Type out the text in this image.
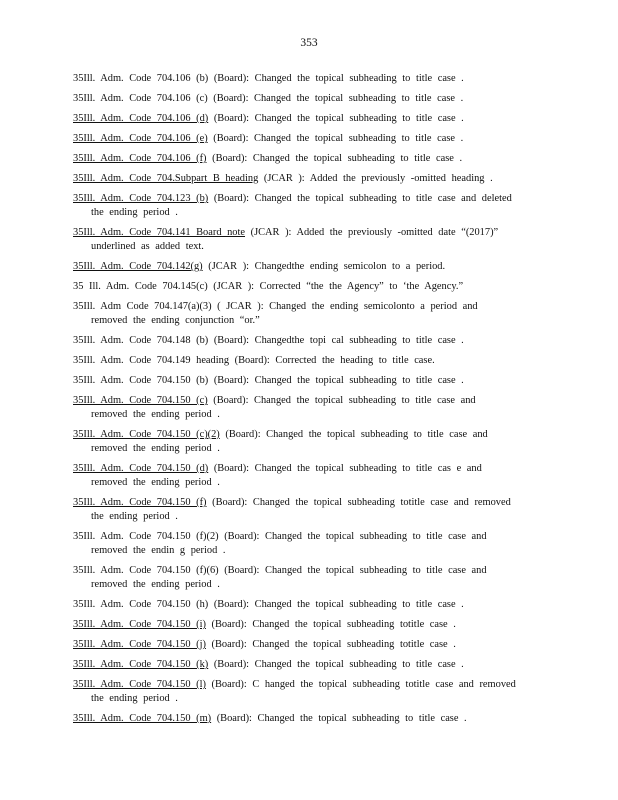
353
35Ill. Adm. Code 704.106 (b) (Board): Changed the topical subheading to title case .
35Ill. Adm. Code 704.106 (c) (Board): Changed the topical subheading to title case .
35Ill. Adm. Code 704.106 (d) (Board): Changed the topical subheading to title case .
35Ill. Adm. Code 704.106 (e) (Board): Changed the topical subheading to title case .
35Ill. Adm. Code 704.106 (f) (Board): Changed the topical subheading to title case .
35Ill. Adm. Code 704.Subpart B heading (JCAR ): Added the previously -omitted heading .
35Ill. Adm. Code 704.123 (b) (Board): Changed the topical subheading to title case and deleted
the ending period .
35Ill. Adm. Code 704.141 Board note (JCAR ): Added the previously -omitted date “(2017)”
underlined as added text.
35Ill. Adm. Code 704.142(g) (JCAR ): Changedthe ending semicolon to a period.
35 Ill. Adm. Code 704.145(c) (JCAR ): Corrected “the the Agency” to ‘the Agency.”
35Ill. Adm Code 704.147(a)(3) ( JCAR ): Changed the ending semicolonto a period and
removed the ending conjunction “or.”
35Ill. Adm. Code 704.148 (b) (Board): Changedthe topi cal subheading to title case .
35Ill. Adm. Code 704.149 heading (Board): Corrected the heading to title case.
35Ill. Adm. Code 704.150 (b) (Board): Changed the topical subheading to title case .
35Ill. Adm. Code 704.150 (c) (Board): Changed the topical subheading to title case and
removed the ending period .
35Ill. Adm. Code 704.150 (c)(2) (Board): Changed the topical subheading to title case and
removed the ending period .
35Ill. Adm. Code 704.150 (d) (Board): Changed the topical subheading to title cas e and
removed the ending period .
35Ill. Adm. Code 704.150 (f) (Board): Changed the topical subheading totitle case and removed
the ending period .
35Ill. Adm. Code 704.150 (f)(2) (Board): Changed the topical subheading to title case and
removed the endin g period .
35Ill. Adm. Code 704.150 (f)(6) (Board): Changed the topical subheading to title case and
removed the ending period .
35Ill. Adm. Code 704.150 (h) (Board): Changed the topical subheading to title case .
35Ill. Adm. Code 704.150 (i) (Board): Changed the topical subheading totitle case .
35Ill. Adm. Code 704.150 (j) (Board): Changed the topical subheading totitle case .
35Ill. Adm. Code 704.150 (k) (Board): Changed the topical subheading to title case .
35Ill. Adm. Code 704.150 (l) (Board): C hanged the topical subheading totitle case and removed
the ending period .
35Ill. Adm. Code 704.150 (m) (Board): Changed the topical subheading to title case .
